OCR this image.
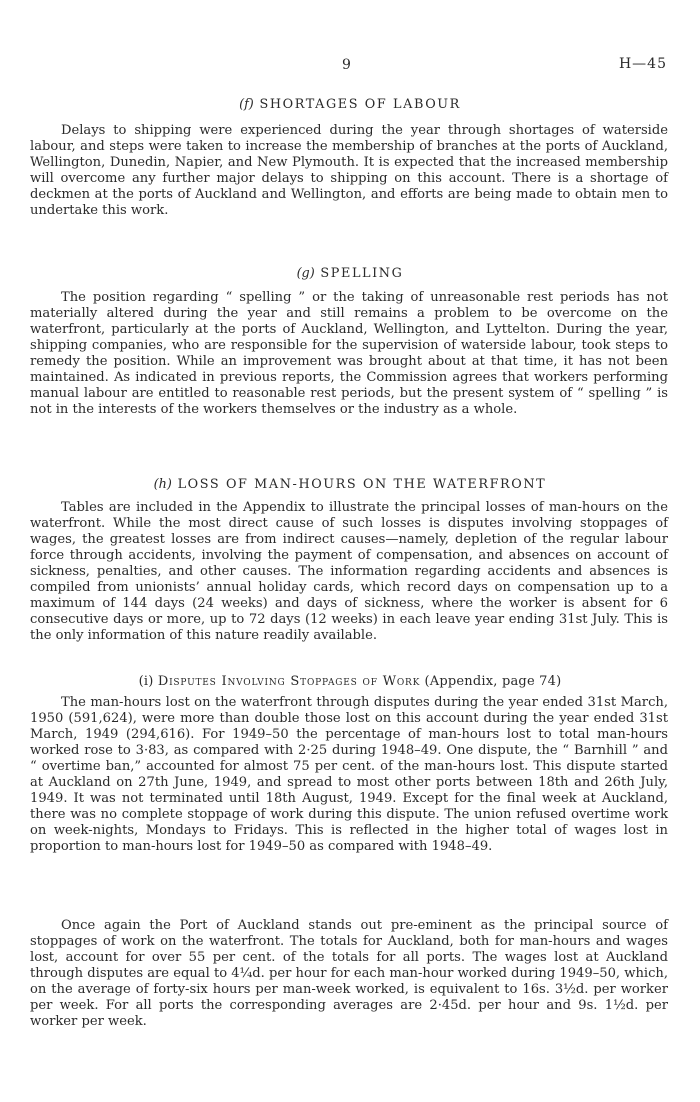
9	H—45
(f) SHORTAGES OF LABOUR

Delays to shipping were experienced during the year through shortages of waterside labour, and steps were taken to increase the membership of branches at the ports of Auckland, Wellington, Dunedin, Napier, and New Plymouth. It is expected that the increased membership will overcome any further major delays to shipping on this account. There is a shortage of deckmen at the ports of Auckland and Wellington, and efforts are being made to obtain men to undertake this work.

(g) SPELLING

The position regarding “ spelling ” or the taking of unreasonable rest periods has not materially altered during the year and still remains a problem to be overcome on the waterfront, particularly at the ports of Auckland, Wellington, and Lyttelton. During the year, shipping companies, who are responsible for the supervision of waterside labour, took steps to remedy the position. While an improvement was brought about at that time, it has not been maintained. As indicated in previous reports, the Commission agrees that workers performing manual labour are entitled to reasonable rest periods, but the present system of “ spelling ” is not in the interests of the workers themselves or the industry as a whole.

(h) LOSS OF MAN-HOURS ON THE WATERFRONT

Tables are included in the Appendix to illustrate the principal losses of man-hours on the waterfront. While the most direct cause of such losses is disputes involving stoppages of wages, the greatest losses are from indirect causes—namely, depletion of the regular labour force through accidents, involving the payment of compensation, and absences on account of sickness, penalties, and other causes. The information regarding accidents and absences is compiled from unionists’ annual holiday cards, which record days on compensation up to a maximum of 144 days (24 weeks) and days of sickness, where the worker is absent for 6 consecutive days or more, up to 72 days (12 weeks) in each leave year ending 31st July. This is the only information of this nature readily available.

(i) Disputes Involving Stoppages of Work (Appendix, page 74)

The man-hours lost on the waterfront through disputes during the year ended 31st March, 1950 (591,624), were more than double those lost on this account during the year ended 31st March, 1949 (294,616). For 1949–50 the percentage of man-hours lost to total man-hours worked rose to 3·83, as compared with 2·25 during 1948–49. One dispute, the “ Barnhill ” and “ overtime ban,” accounted for almost 75 per cent. of the man-hours lost. This dispute started at Auckland on 27th June, 1949, and spread to most other ports between 18th and 26th July, 1949. It was not terminated until 18th August, 1949. Except for the final week at Auckland, there was no complete stoppage of work during this dispute. The union refused overtime work on week-nights, Mondays to Fridays. This is reflected in the higher total of wages lost in proportion to man-hours lost for 1949–50 as compared with 1948–49.

Once again the Port of Auckland stands out pre-eminent as the principal source of stoppages of work on the waterfront. The totals for Auckland, both for man-hours and wages lost, account for over 55 per cent. of the totals for all ports. The wages lost at Auckland through disputes are equal to 4¼d. per hour for each man-hour worked during 1949–50, which, on the average of forty-six hours per man-week worked, is equivalent to 16s. 3½d. per worker per week. For all ports the corresponding averages are 2·45d. per hour and 9s. 1½d. per worker per week.
